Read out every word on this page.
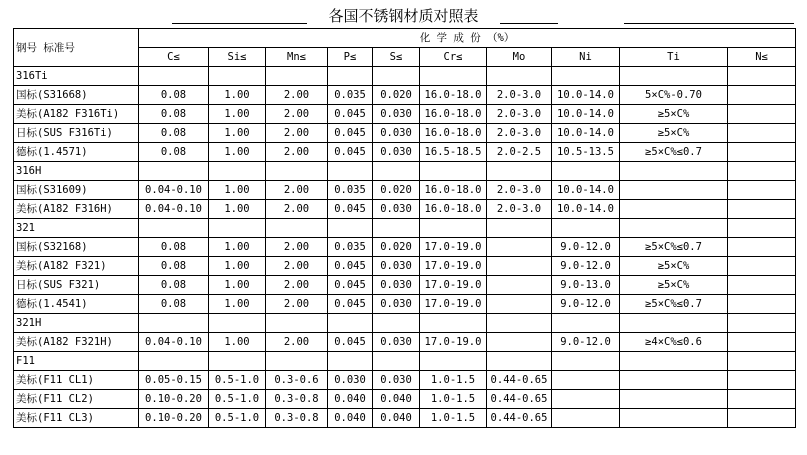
各国不锈钢材质对照表
钢号 标准号	化 学 成 份 （%）									
	C≤	Si≤	Mn≤	P≤	S≤	Cr≤	Mo	Ni	Ti	N≤
316Ti										
国标(S31668)	0.08	1.00	2.00	0.035	0.020	16.0-18.0	2.0-3.0	10.0-14.0	5×C%-0.70	
美标(A182 F316Ti)	0.08	1.00	2.00	0.045	0.030	16.0-18.0	2.0-3.0	10.0-14.0	≥5×C%	
日标(SUS F316Ti)	0.08	1.00	2.00	0.045	0.030	16.0-18.0	2.0-3.0	10.0-14.0	≥5×C%	
德标(1.4571)	0.08	1.00	2.00	0.045	0.030	16.5-18.5	2.0-2.5	10.5-13.5	≥5×C%≤0.7	
316H										
国标(S31609)	0.04-0.10	1.00	2.00	0.035	0.020	16.0-18.0	2.0-3.0	10.0-14.0		
美标(A182 F316H)	0.04-0.10	1.00	2.00	0.045	0.030	16.0-18.0	2.0-3.0	10.0-14.0		
321										
国标(S32168)	0.08	1.00	2.00	0.035	0.020	17.0-19.0		9.0-12.0	≥5×C%≤0.7	
美标(A182 F321)	0.08	1.00	2.00	0.045	0.030	17.0-19.0		9.0-12.0	≥5×C%	
日标(SUS F321)	0.08	1.00	2.00	0.045	0.030	17.0-19.0		9.0-13.0	≥5×C%	
德标(1.4541)	0.08	1.00	2.00	0.045	0.030	17.0-19.0		9.0-12.0	≥5×C%≤0.7	
321H										
美标(A182 F321H)	0.04-0.10	1.00	2.00	0.045	0.030	17.0-19.0		9.0-12.0	≥4×C%≤0.6	
F11										
美标(F11 CL1)	0.05-0.15	0.5-1.0	0.3-0.6	0.030	0.030	1.0-1.5	0.44-0.65			
美标(F11 CL2)	0.10-0.20	0.5-1.0	0.3-0.8	0.040	0.040	1.0-1.5	0.44-0.65			
美标(F11 CL3)	0.10-0.20	0.5-1.0	0.3-0.8	0.040	0.040	1.0-1.5	0.44-0.65			
